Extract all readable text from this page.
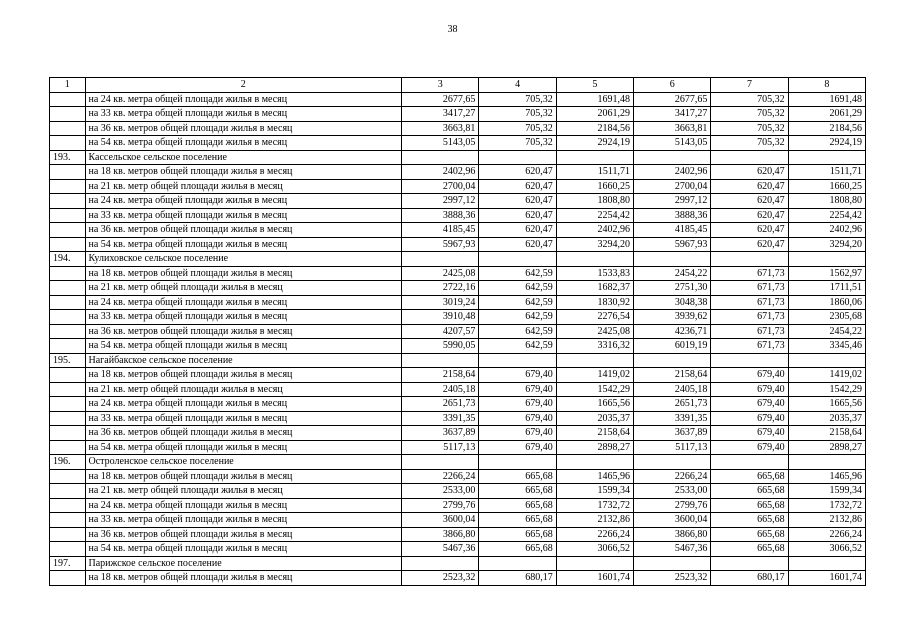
38
1	2	3	4	5	6	7	8
	на 24 кв. метра общей площади жилья в месяц	2677,65	705,32	1691,48	2677,65	705,32	1691,48
	на 33 кв. метра общей площади жилья в месяц	3417,27	705,32	2061,29	3417,27	705,32	2061,29
	на 36 кв. метров общей площади жилья в месяц	3663,81	705,32	2184,56	3663,81	705,32	2184,56
	на 54 кв. метра общей площади жилья в месяц	5143,05	705,32	2924,19	5143,05	705,32	2924,19
193.	Кассельское сельское поселение						
	на 18 кв. метров общей площади жилья в месяц	2402,96	620,47	1511,71	2402,96	620,47	1511,71
	на 21 кв. метр общей площади жилья в месяц	2700,04	620,47	1660,25	2700,04	620,47	1660,25
	на 24 кв. метра общей площади жилья в месяц	2997,12	620,47	1808,80	2997,12	620,47	1808,80
	на 33 кв. метра общей площади жилья в месяц	3888,36	620,47	2254,42	3888,36	620,47	2254,42
	на 36 кв. метров общей площади жилья в месяц	4185,45	620,47	2402,96	4185,45	620,47	2402,96
	на 54 кв. метра общей площади жилья в месяц	5967,93	620,47	3294,20	5967,93	620,47	3294,20
194.	Кулиховское сельское поселение						
	на 18 кв. метров общей площади жилья в месяц	2425,08	642,59	1533,83	2454,22	671,73	1562,97
	на 21 кв. метр общей площади жилья в месяц	2722,16	642,59	1682,37	2751,30	671,73	1711,51
	на 24 кв. метра общей площади жилья в месяц	3019,24	642,59	1830,92	3048,38	671,73	1860,06
	на 33 кв. метра общей площади жилья в месяц	3910,48	642,59	2276,54	3939,62	671,73	2305,68
	на 36 кв. метров общей площади жилья в месяц	4207,57	642,59	2425,08	4236,71	671,73	2454,22
	на 54 кв. метра общей площади жилья в месяц	5990,05	642,59	3316,32	6019,19	671,73	3345,46
195.	Нагайбакское сельское поселение						
	на 18 кв. метров общей площади жилья в месяц	2158,64	679,40	1419,02	2158,64	679,40	1419,02
	на 21 кв. метр общей площади жилья в месяц	2405,18	679,40	1542,29	2405,18	679,40	1542,29
	на 24 кв. метра общей площади жилья в месяц	2651,73	679,40	1665,56	2651,73	679,40	1665,56
	на 33 кв. метра общей площади жилья в месяц	3391,35	679,40	2035,37	3391,35	679,40	2035,37
	на 36 кв. метров общей площади жилья в месяц	3637,89	679,40	2158,64	3637,89	679,40	2158,64
	на 54 кв. метра общей площади жилья в месяц	5117,13	679,40	2898,27	5117,13	679,40	2898,27
196.	Остроленское сельское поселение						
	на 18 кв. метров общей площади жилья в месяц	2266,24	665,68	1465,96	2266,24	665,68	1465,96
	на 21 кв. метр общей площади жилья в месяц	2533,00	665,68	1599,34	2533,00	665,68	1599,34
	на 24 кв. метра общей площади жилья в месяц	2799,76	665,68	1732,72	2799,76	665,68	1732,72
	на 33 кв. метра общей площади жилья в месяц	3600,04	665,68	2132,86	3600,04	665,68	2132,86
	на 36 кв. метров общей площади жилья в месяц	3866,80	665,68	2266,24	3866,80	665,68	2266,24
	на 54 кв. метра общей площади жилья в месяц	5467,36	665,68	3066,52	5467,36	665,68	3066,52
197.	Парижское сельское поселение						
	на 18 кв. метров общей площади жилья в месяц	2523,32	680,17	1601,74	2523,32	680,17	1601,74
